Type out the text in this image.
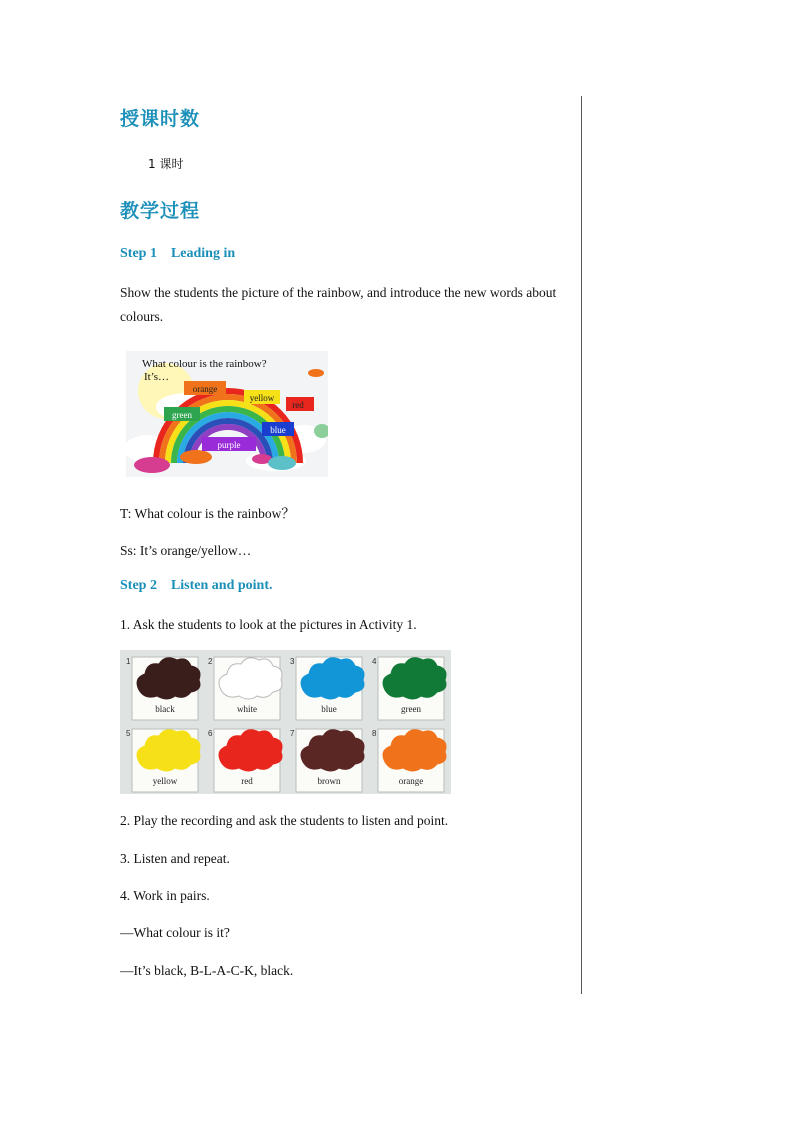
授课时数
1 课时
教学过程
Step 1 Leading in
Show the students the picture of the rainbow, and introduce the new words about colours.
What colour is the rainbow?
It’s…
orange
yellow
red
green
blue
purple
T: What colour is the rainbow？
Ss: It’s orange/yellow…
Step 2 Listen and point.
1. Ask the students to look at the pictures in Activity 1.
1
black
2
white
3
blue
4
green
5
yellow
6
red
7
brown
8
orange
2. Play the recording and ask the students to listen and point.
3. Listen and repeat.
4. Work in pairs.
—What colour is it?
—It’s black, B-L-A-C-K, black.
